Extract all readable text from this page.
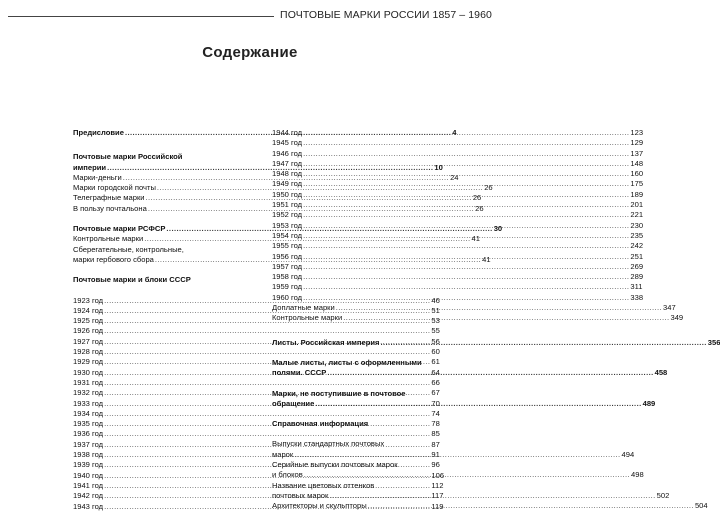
ПОЧТОВЫЕ МАРКИ РОССИИ 1857 – 1960
Содержание
Предисловие .....	4
Почтовые марки Российской
империи .....	10
Марки-деньги .....	24
Марки городской почты .....	26
Телеграфные марки .....	26
В пользу почтальона .....	26
Почтовые марки РСФСР .....	30
Контрольные марки .....	41
Сберегательные, контрольные,
марки гербового сбора .....	41
Почтовые марки и блоки СССР
1923 год .....	46
1924 год .....	51
1925 год .....	53
1926 год .....	55
1927 год .....	56
1928 год .....	60
1929 год .....	61
1930 год .....	64
1931 год .....	66
1932 год .....	67
1933 год .....	70
1934 год .....	74
1935 год .....	78
1936 год .....	85
1937 год .....	87
1938 год .....	91
1939 год .....	96
1940 год .....	106
1941 год .....	112
1942 год .....	117
1943 год .....	119
1944 год .....	123
1945 год .....	129
1946 год .....	137
1947 год .....	148
1948 год .....	160
1949 год .....	175
1950 год .....	189
1951 год .....	201
1952 год .....	221
1953 год .....	230
1954 год .....	235
1955 год .....	242
1956 год .....	251
1957 год .....	269
1958 год .....	289
1959 год .....	311
1960 год .....	338
Доплатные марки .....	347
Контрольные марки .....	349
Листы. Российская империя .....	356
Малые листы, листы с оформленными
полями. СССР .....	458
Марки, не поступившие в почтовое
обращение .....	489
Справочная информация
Выпуски стандартных почтовых
марок .....	494
Серийные выпуски почтовых марок
и блоков .....	498
Название цветовых оттенков
почтовых марок .....	502
Архитекторы и скульпторы .....	504
